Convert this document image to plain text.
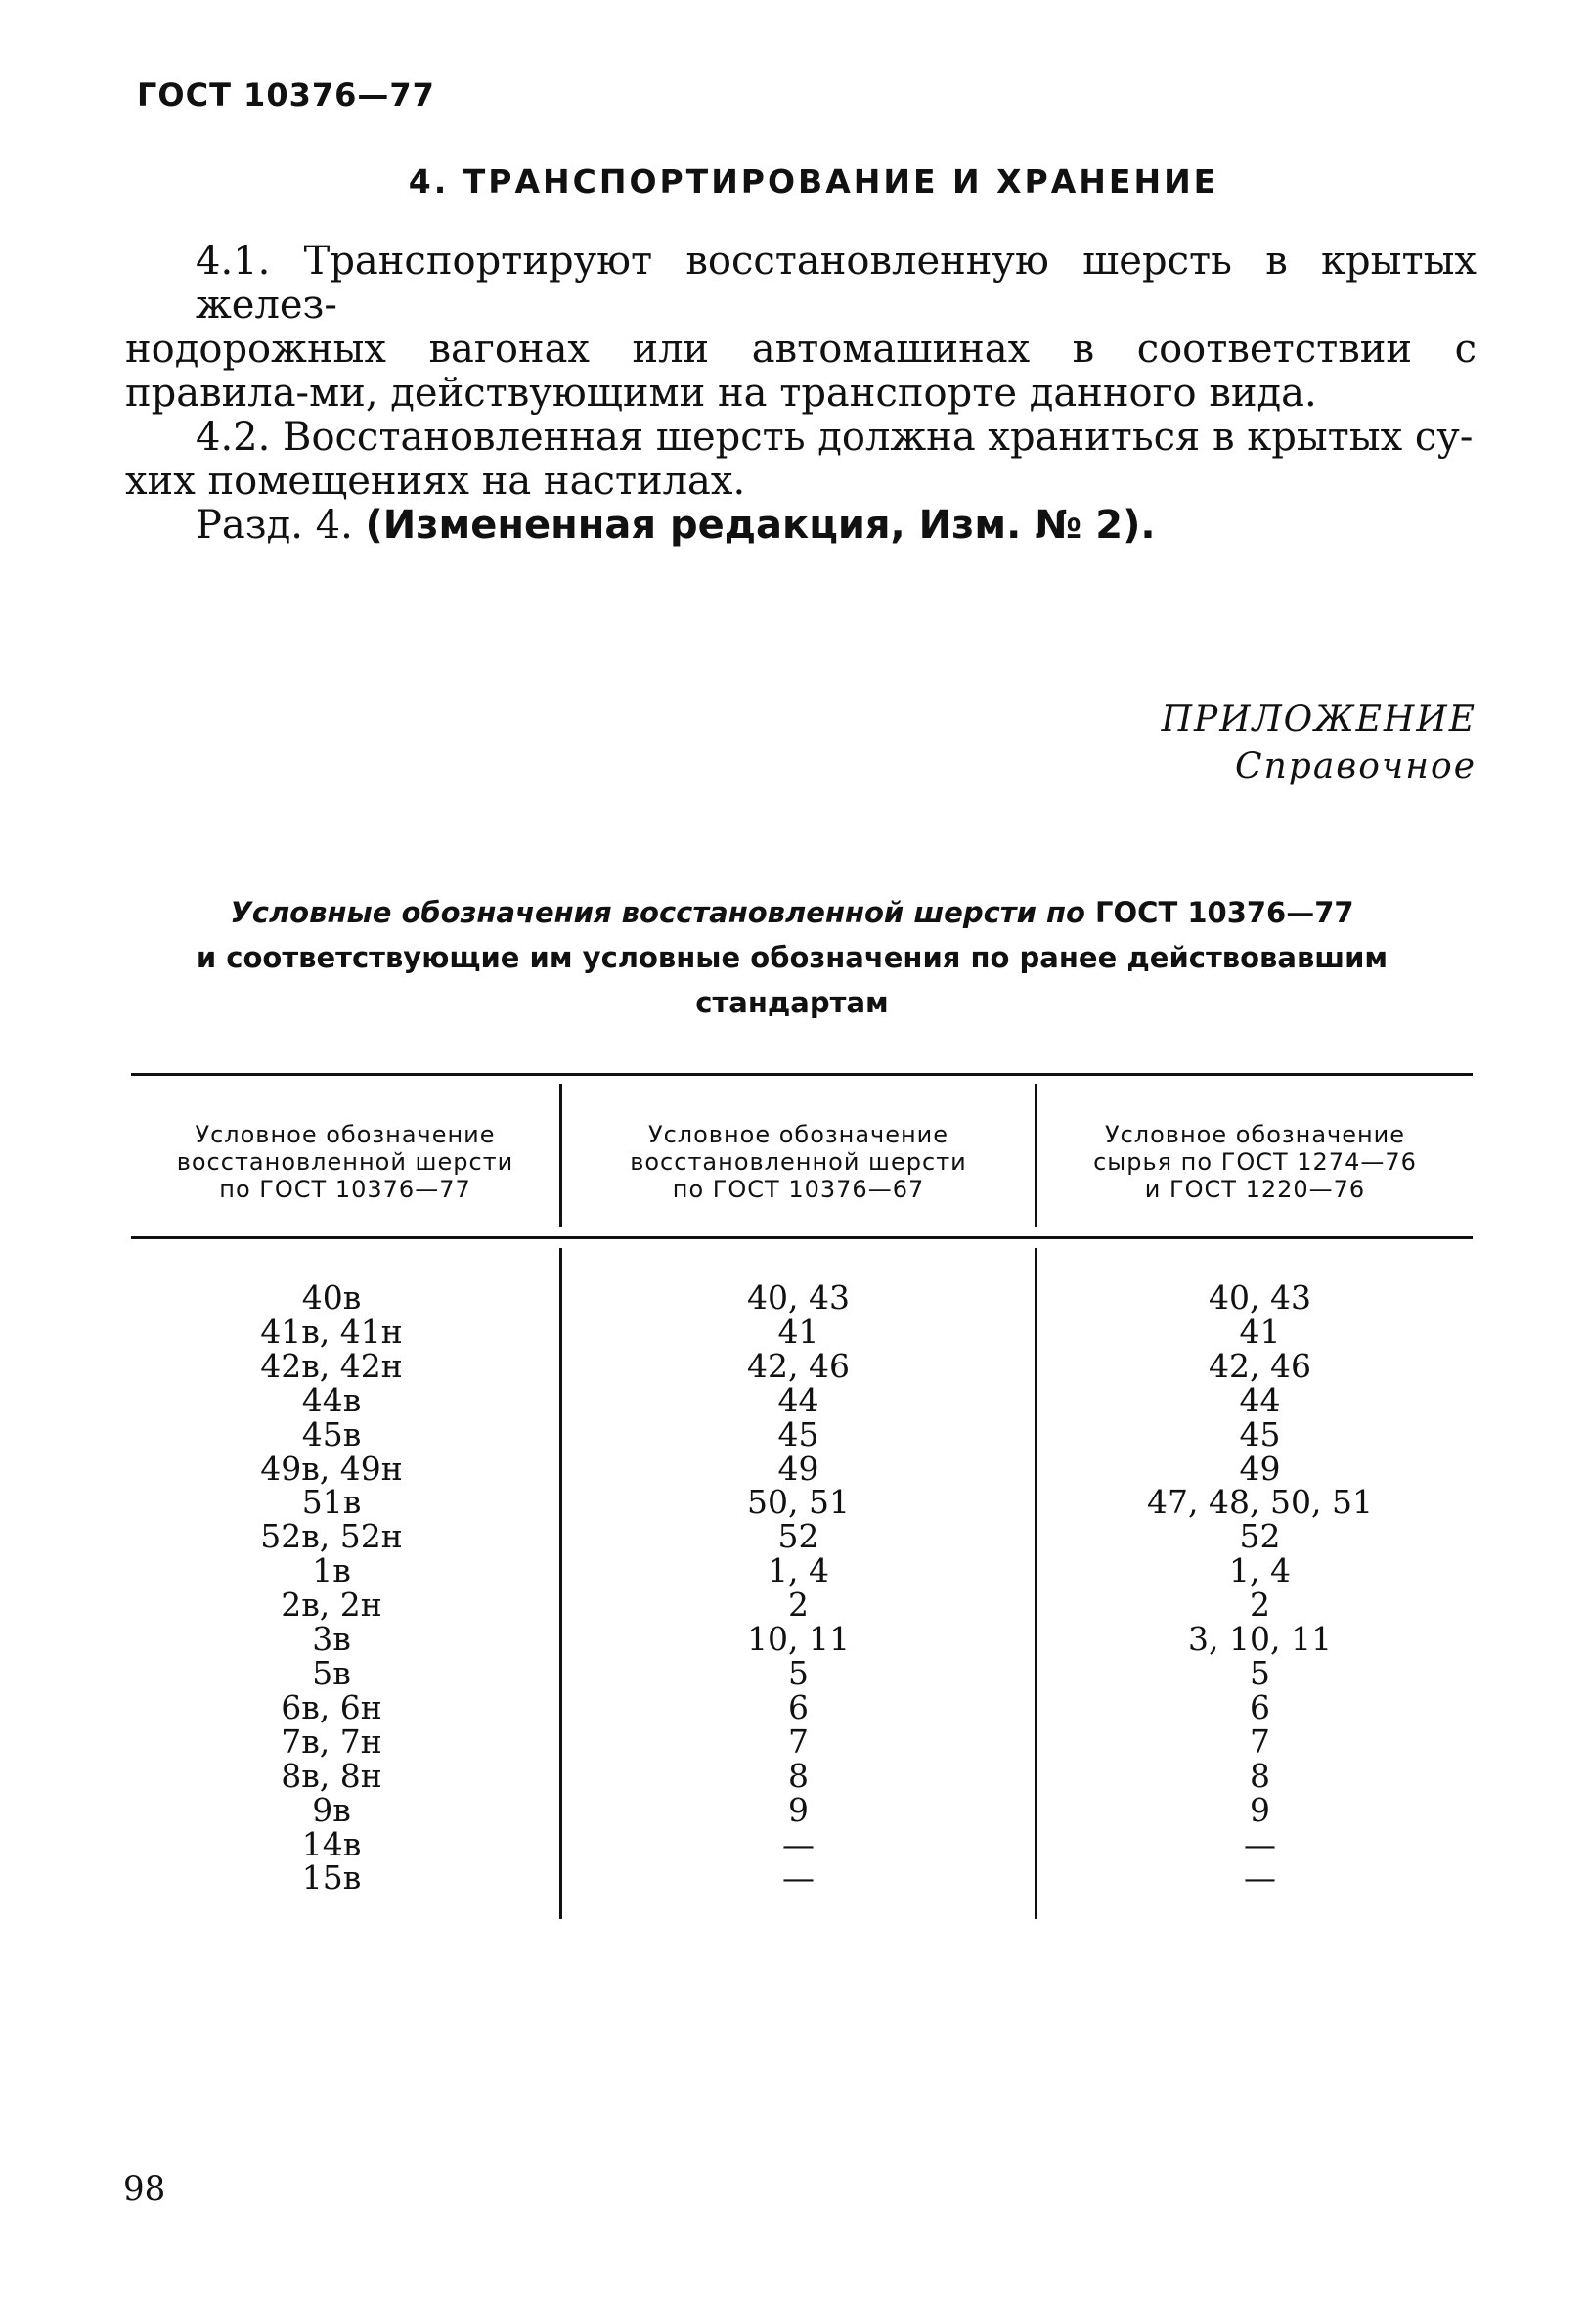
ГОСТ 10376—77
4. ТРАНСПОРТИРОВАНИЕ И ХРАНЕНИЕ

4.1. Транспортируют восстановленную шерсть в крытых желез-

нодорожных вагонах или автомашинах в соответствии с правила-ми, действующими на транспорте данного вида.

4.2. Восстановленная шерсть должна храниться в крытых су-

хих помещениях на настилах.

Разд. 4. (Измененная редакция, Изм. № 2).

ПРИЛОЖЕНИЕ
Справочное
Условные обозначения восстановленной шерсти по ГОСТ 10376—77
и соответствующие им условные обозначения по ранее действовавшим
стандартам
Условное обозначение
восстановленной шерсти
по ГОСТ 10376—77
Условное обозначение
восстановленной шерсти
по ГОСТ 10376—67
Условное обозначение
сырья по ГОСТ 1274—76
и ГОСТ 1220—76
40в
41в, 41н
42в, 42н
44в
45в
49в, 49н
51в
52в, 52н
1в
2в, 2н
3в
5в
6в, 6н
7в, 7н
8в, 8н
9в
14в
15в
40, 43
41
42, 46
44
45
49
50, 51
52
1, 4
2
10, 11
5
6
7
8
9
—
—
40, 43
41
42, 46
44
45
49
47, 48, 50, 51
52
1, 4
2
3, 10, 11
5
6
7
8
9
—
—
98
